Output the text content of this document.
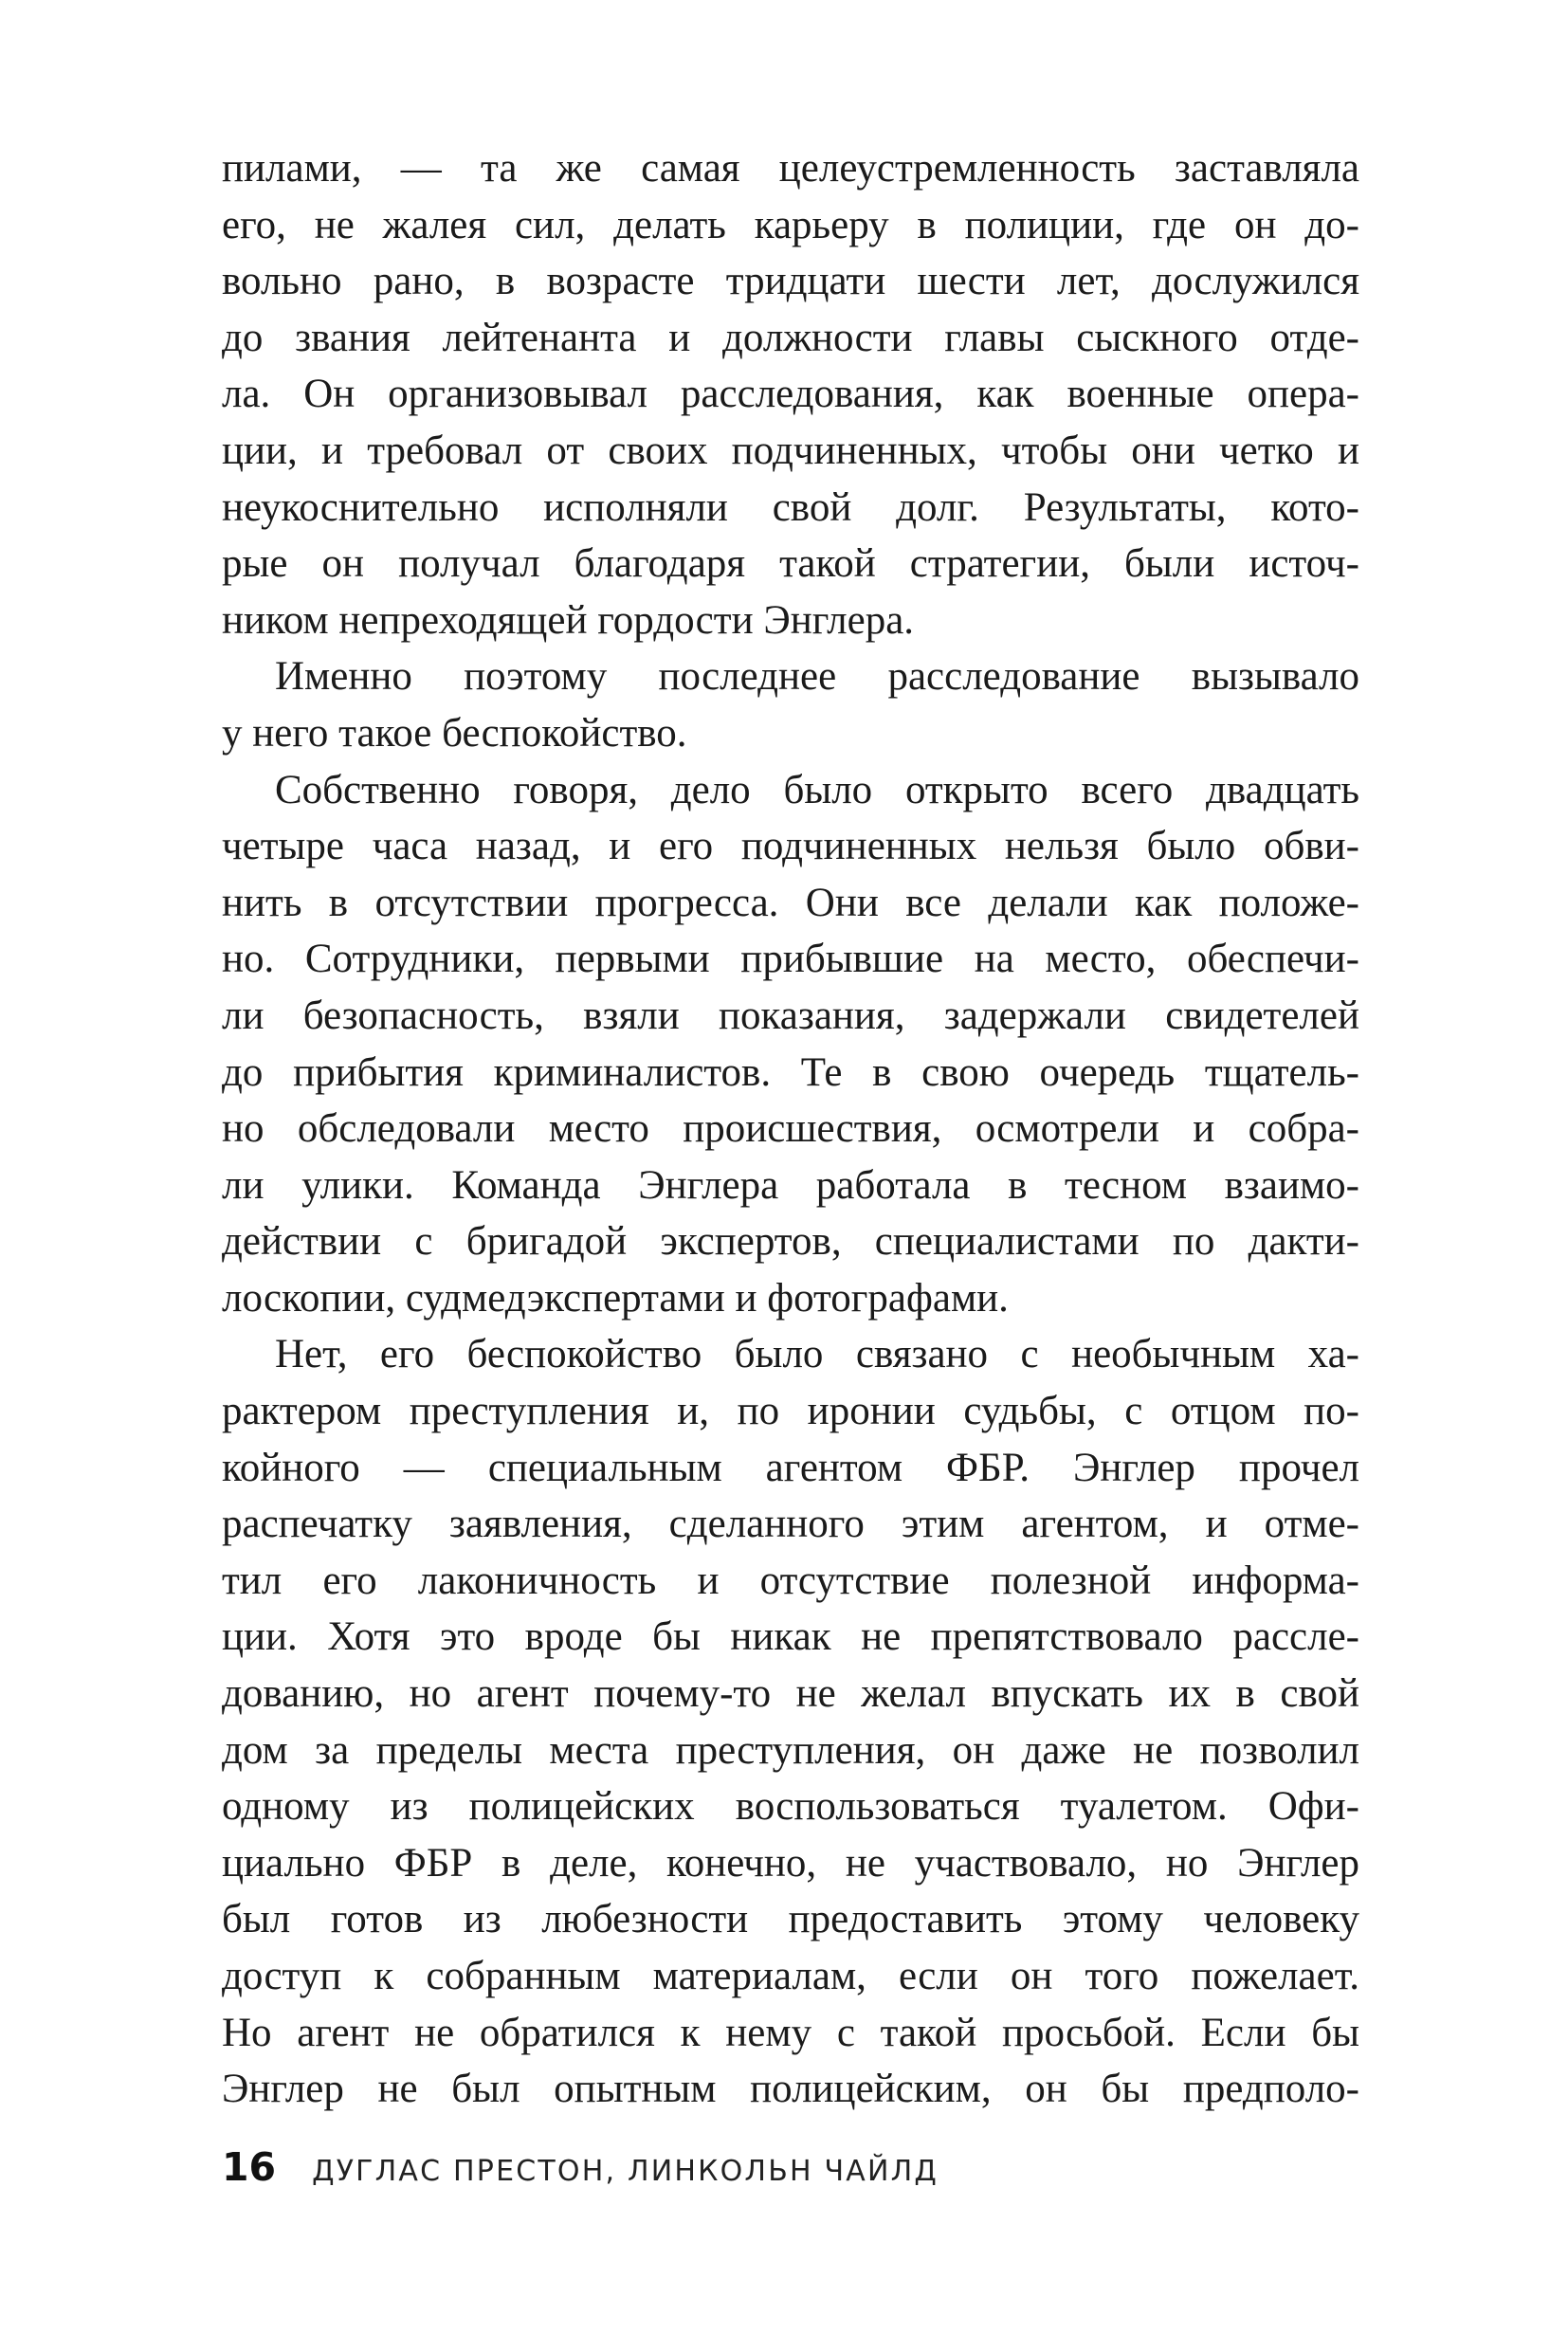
пилами, — та же самая целеустремленность заставляла
его, не жалея сил, делать карьеру в полиции, где он до-
вольно рано, в возрасте тридцати шести лет, дослужился
до звания лейтенанта и должности главы сыскного отде-
ла. Он организовывал расследования, как военные опера-
ции, и требовал от своих подчиненных, чтобы они четко и
неукоснительно исполняли свой долг. Результаты, кото-
рые он получал благодаря такой стратегии, были источ-
ником непреходящей гордости Энглера.
Именно поэтому последнее расследование вызывало
у него такое беспокойство.
Собственно говоря, дело было открыто всего двадцать
четыре часа назад, и его подчиненных нельзя было обви-
нить в отсутствии прогресса. Они все делали как положе-
но. Сотрудники, первыми прибывшие на место, обеспечи-
ли безопасность, взяли показания, задержали свидетелей
до прибытия криминалистов. Те в свою очередь тщатель-
но обследовали место происшествия, осмотрели и собра-
ли улики. Команда Энглера работала в тесном взаимо-
действии с бригадой экспертов, специалистами по дакти-
лоскопии, судмедэкспертами и фотографами.
Нет, его беспокойство было связано с необычным ха-
рактером преступления и, по иронии судьбы, с отцом по-
койного — специальным агентом ФБР. Энглер прочел
распечатку заявления, сделанного этим агентом, и отме-
тил его лаконичность и отсутствие полезной информа-
ции. Хотя это вроде бы никак не препятствовало рассле-
дованию, но агент почему-то не желал впускать их в свой
дом за пределы места преступления, он даже не позволил
одному из полицейских воспользоваться туалетом. Офи-
циально ФБР в деле, конечно, не участвовало, но Энглер
был готов из любезности предоставить этому человеку
доступ к собранным материалам, если он того пожелает.
Но агент не обратился к нему с такой просьбой. Если бы
Энглер не был опытным полицейским, он бы предполо-
16 ДУГЛАС ПРЕСТОН, ЛИНКОЛЬН ЧАЙЛД
